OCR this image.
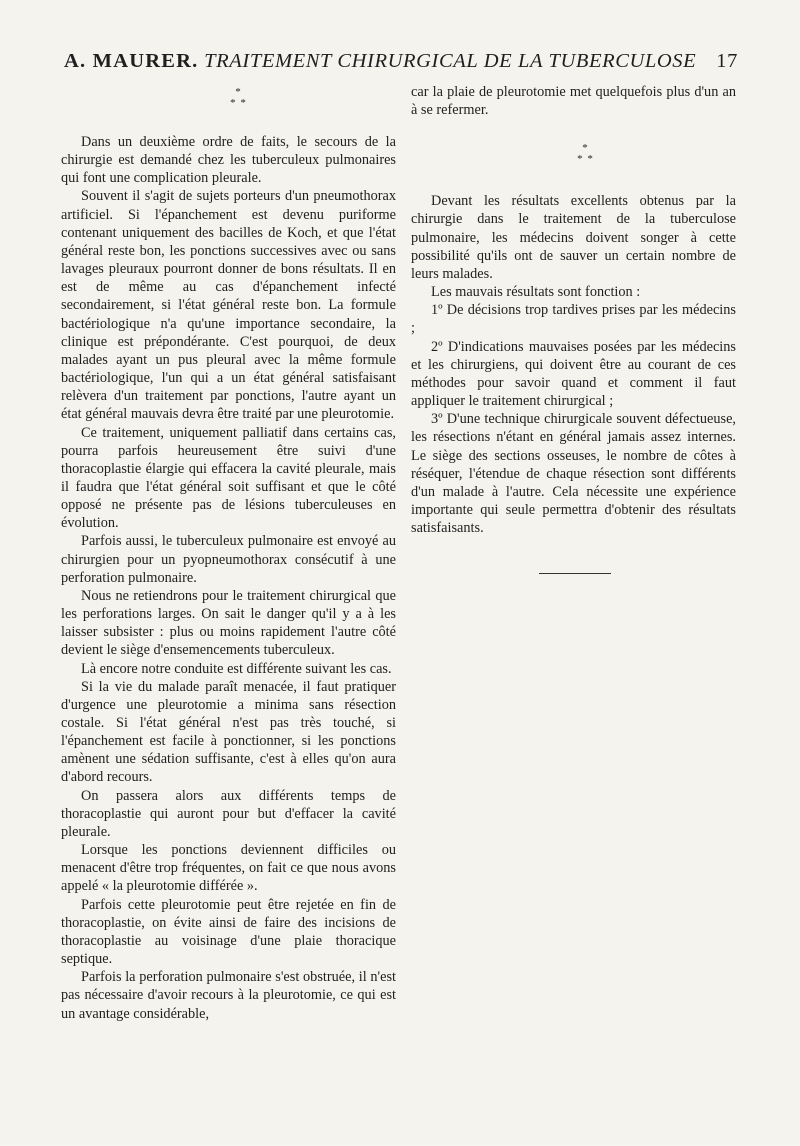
A. MAURER. TRAITEMENT CHIRURGICAL DE LA TUBERCULOSE 17
*
* *

Dans un deuxième ordre de faits, le secours de la chirurgie est demandé chez les tuberculeux pulmonaires qui font une complication pleurale.

Souvent il s'agit de sujets porteurs d'un pneumothorax artificiel. Si l'épanchement est devenu puriforme contenant uniquement des bacilles de Koch, et que l'état général reste bon, les ponctions successives avec ou sans lavages pleuraux pourront donner de bons résultats. Il en est de même au cas d'épanchement infecté secondairement, si l'état général reste bon. La formule bactériologique n'a qu'une importance secondaire, la clinique est prépondérante. C'est pourquoi, de deux malades ayant un pus pleural avec la même formule bactériologique, l'un qui a un état général satisfaisant relèvera d'un traitement par ponctions, l'autre ayant un état général mauvais devra être traité par une pleurotomie.

Ce traitement, uniquement palliatif dans certains cas, pourra parfois heureusement être suivi d'une thoracoplastie élargie qui effacera la cavité pleurale, mais il faudra que l'état général soit suffisant et que le côté opposé ne présente pas de lésions tuberculeuses en évolution.

Parfois aussi, le tuberculeux pulmonaire est envoyé au chirurgien pour un pyopneumothorax consécutif à une perforation pulmonaire.

Nous ne retiendrons pour le traitement chirurgical que les perforations larges. On sait le danger qu'il y a à les laisser subsister : plus ou moins rapidement l'autre côté devient le siège d'ensemencements tuberculeux.

Là encore notre conduite est différente suivant les cas.

Si la vie du malade paraît menacée, il faut pratiquer d'urgence une pleurotomie a minima sans résection costale. Si l'état général n'est pas très touché, si l'épanchement est facile à ponctionner, si les ponctions amènent une sédation suffisante, c'est à elles qu'on aura d'abord recours.

On passera alors aux différents temps de thoracoplastie qui auront pour but d'effacer la cavité pleurale.

Lorsque les ponctions deviennent difficiles ou menacent d'être trop fréquentes, on fait ce que nous avons appelé « la pleurotomie différée ».

Parfois cette pleurotomie peut être rejetée en fin de thoracoplastie, on évite ainsi de faire des incisions de thoracoplastie au voisinage d'une plaie thoracique septique.

Parfois la perforation pulmonaire s'est obstruée, il n'est pas nécessaire d'avoir recours à la pleurotomie, ce qui est un avantage considérable,

car la plaie de pleurotomie met quelquefois plus d'un an à se refermer.

*
* *

Devant les résultats excellents obtenus par la chirurgie dans le traitement de la tuberculose pulmonaire, les médecins doivent songer à cette possibilité qu'ils ont de sauver un certain nombre de leurs malades.

Les mauvais résultats sont fonction :

1º De décisions trop tardives prises par les médecins ;

2º D'indications mauvaises posées par les médecins et les chirurgiens, qui doivent être au courant de ces méthodes pour savoir quand et comment il faut appliquer le traitement chirurgical ;

3º D'une technique chirurgicale souvent défectueuse, les résections n'étant en général jamais assez internes. Le siège des sections osseuses, le nombre de côtes à réséquer, l'étendue de chaque résection sont différents d'un malade à l'autre. Cela nécessite une expérience importante qui seule permettra d'obtenir des résultats satisfaisants.
